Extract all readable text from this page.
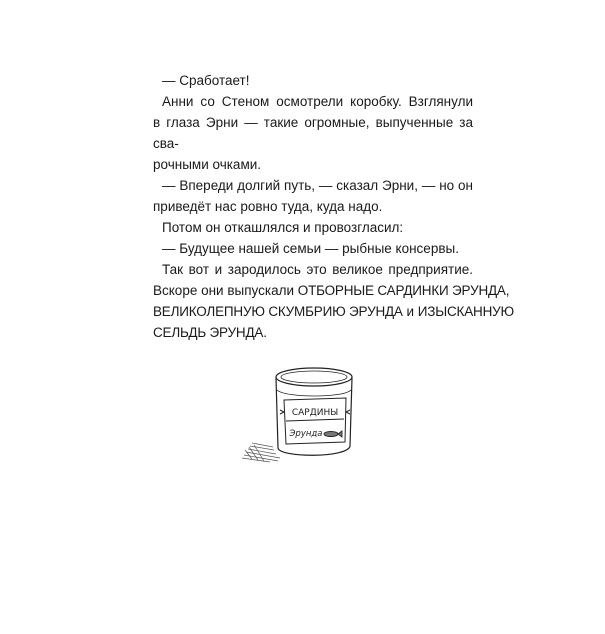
— Сработает!
Анни со Стеном осмотрели коробку. Взглянули
в глаза Эрни — такие огромные, выпученные за сва-
рочными очками.
— Впереди долгий путь, — сказал Эрни, — но он
приведёт нас ровно туда, куда надо.
Потом он откашлялся и провозгласил:
— Будущее нашей семьи — рыбные консервы.
Так вот и зародилось это великое предприятие.
Вскоре они выпускали ОТБОРНЫЕ САРДИНКИ ЭРУНДА,
ВЕЛИКОЛЕПНУЮ СКУМБРИЮ ЭРУНДА и ИЗЫСКАННУЮ
СЕЛЬДЬ ЭРУНДА.
САРДИНЫ
Эрунда
